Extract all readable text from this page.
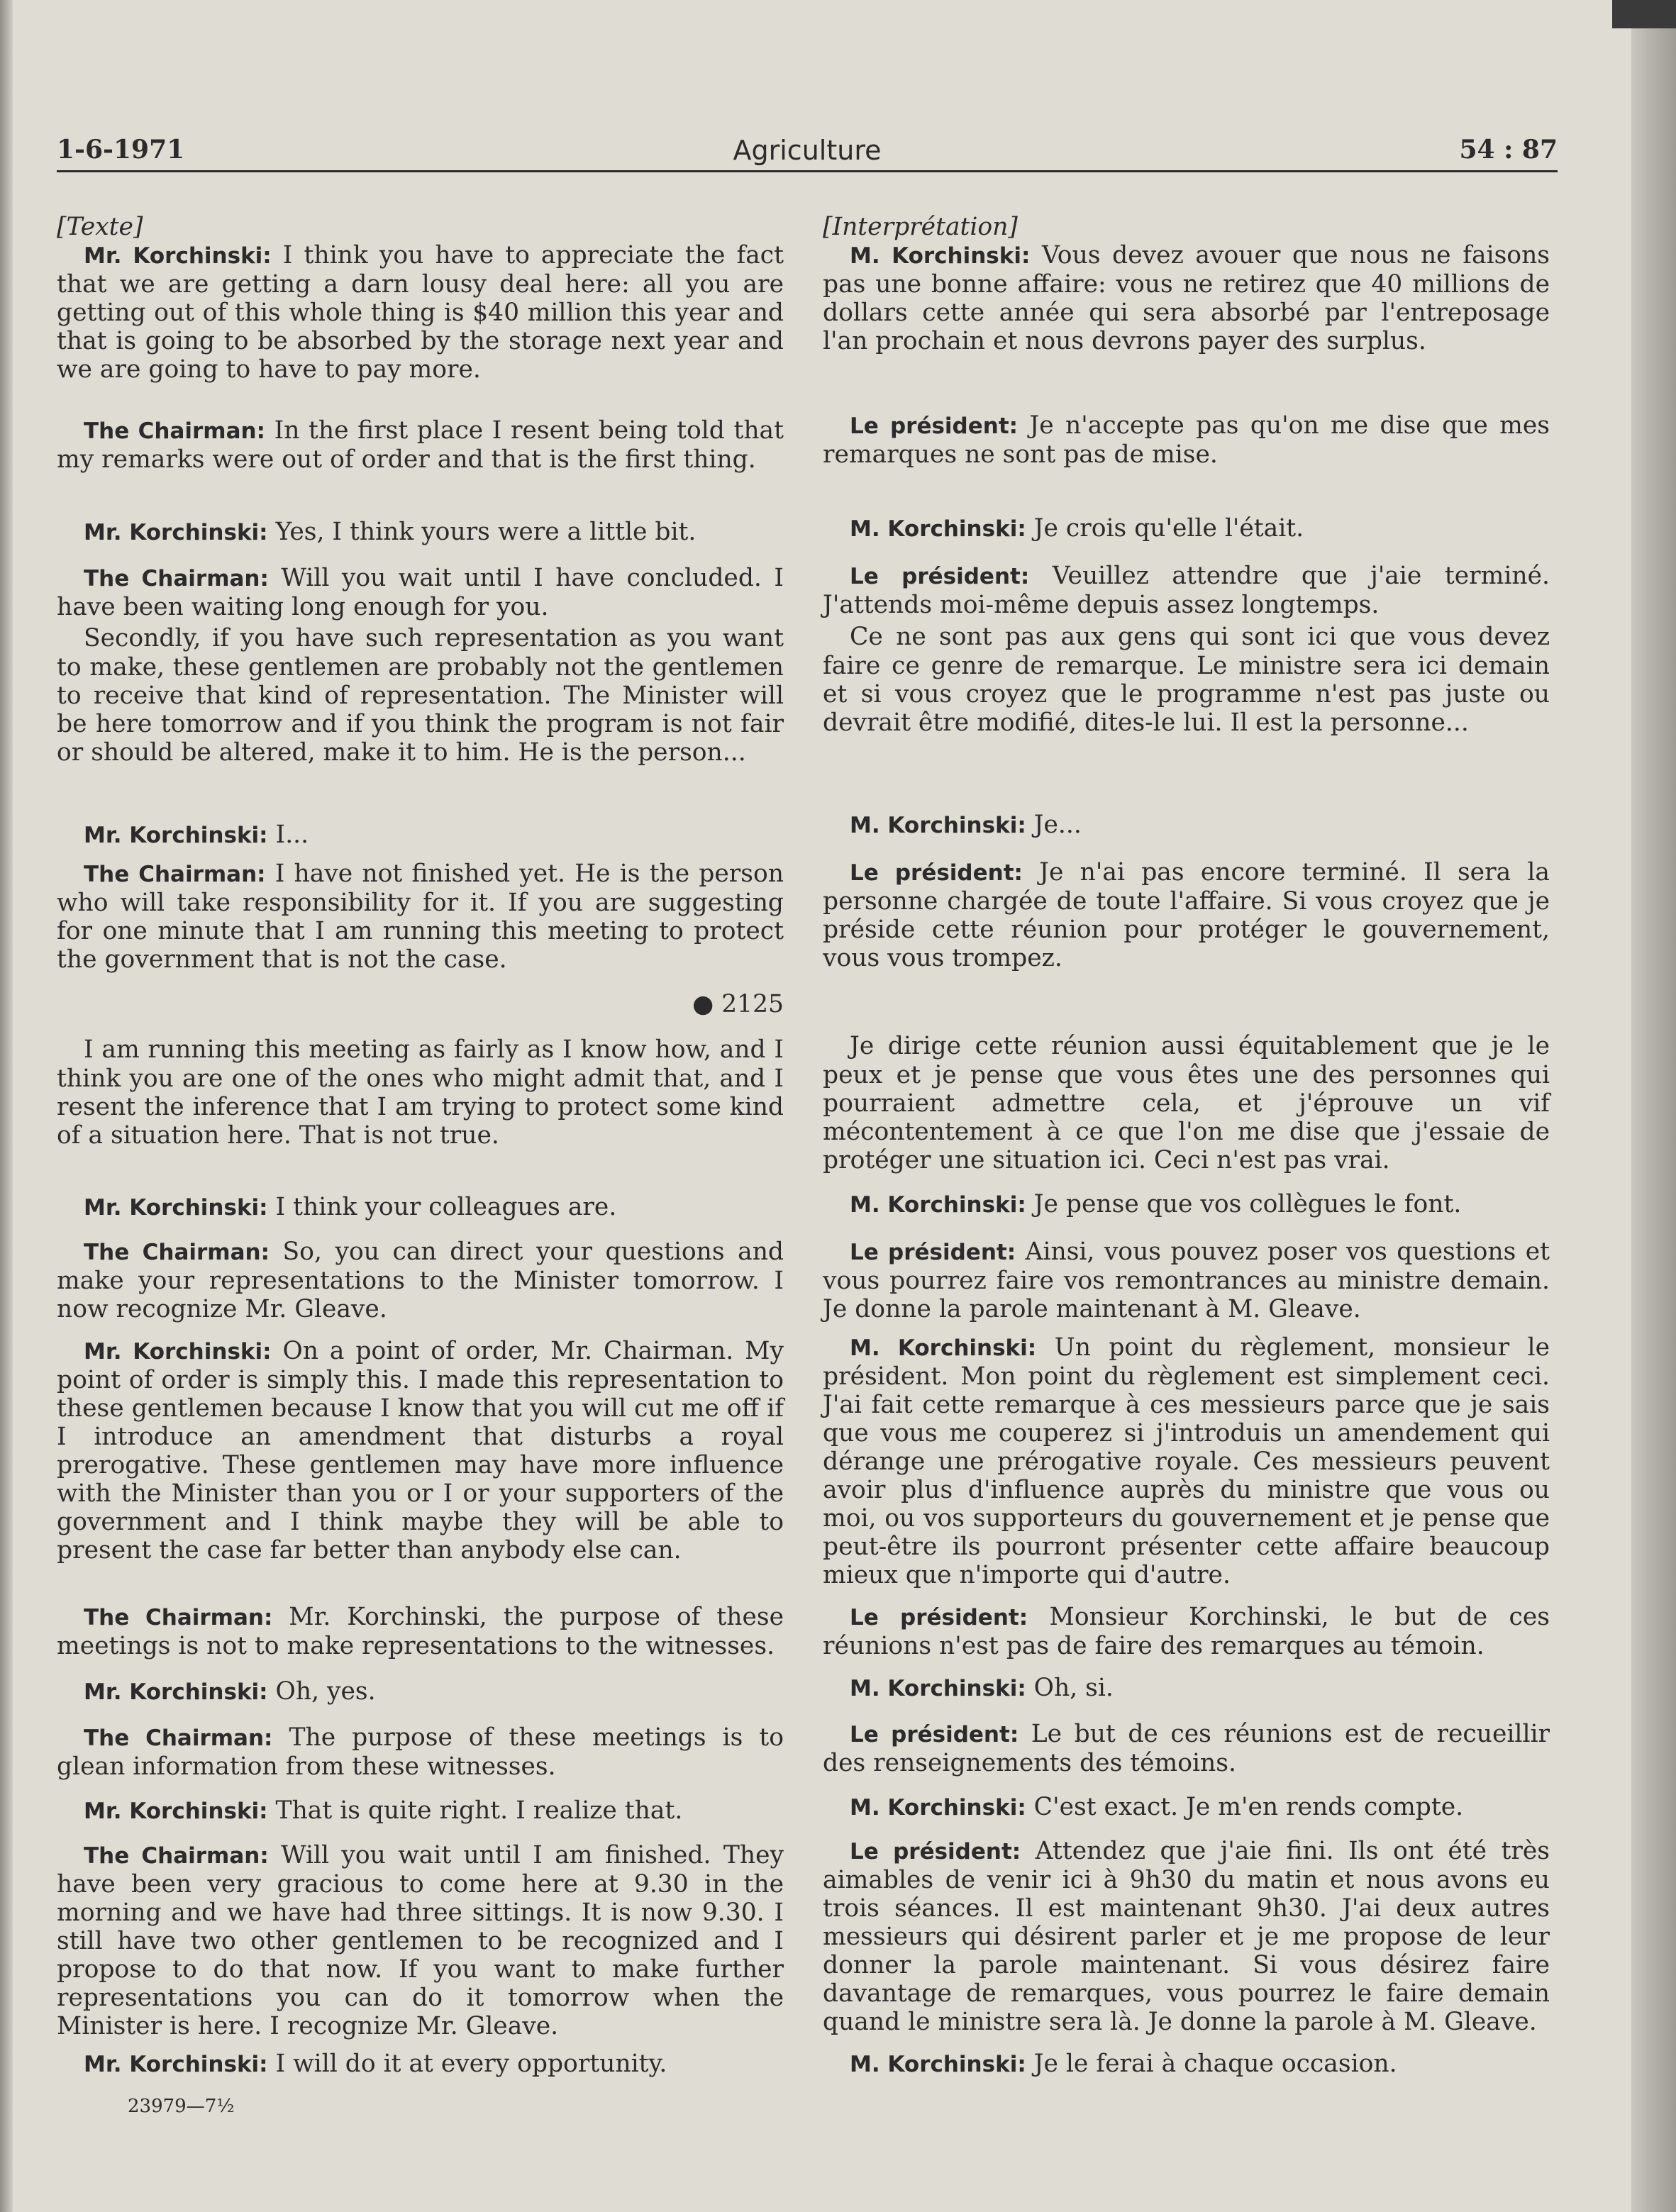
1-6-1971	Agriculture	54 : 87
[Texte]

Mr. Korchinski: I think you have to appreciate the fact that we are getting a darn lousy deal here: all you are getting out of this whole thing is $40 million this year and that is going to be absorbed by the storage next year and we are going to have to pay more.

The Chairman: In the first place I resent being told that my remarks were out of order and that is the first thing.

Mr. Korchinski: Yes, I think yours were a little bit.

The Chairman: Will you wait until I have concluded. I have been waiting long enough for you.

Secondly, if you have such representation as you want to make, these gentlemen are probably not the gentlemen to receive that kind of representation. The Minister will be here tomorrow and if you think the program is not fair or should be altered, make it to him. He is the person...

Mr. Korchinski: I...

The Chairman: I have not finished yet. He is the person who will take responsibility for it. If you are suggesting for one minute that I am running this meeting to protect the government that is not the case.

● 2125

I am running this meeting as fairly as I know how, and I think you are one of the ones who might admit that, and I resent the inference that I am trying to protect some kind of a situation here. That is not true.

Mr. Korchinski: I think your colleagues are.

The Chairman: So, you can direct your questions and make your representations to the Minister tomorrow. I now recognize Mr. Gleave.

Mr. Korchinski: On a point of order, Mr. Chairman. My point of order is simply this. I made this representation to these gentlemen because I know that you will cut me off if I introduce an amendment that disturbs a royal prerogative. These gentlemen may have more influence with the Minister than you or I or your supporters of the government and I think maybe they will be able to present the case far better than anybody else can.

The Chairman: Mr. Korchinski, the purpose of these meetings is not to make representations to the witnesses.

Mr. Korchinski: Oh, yes.

The Chairman: The purpose of these meetings is to glean information from these witnesses.

Mr. Korchinski: That is quite right. I realize that.

The Chairman: Will you wait until I am finished. They have been very gracious to come here at 9.30 in the morning and we have had three sittings. It is now 9.30. I still have two other gentlemen to be recognized and I propose to do that now. If you want to make further representations you can do it tomorrow when the Minister is here. I recognize Mr. Gleave.

Mr. Korchinski: I will do it at every opportunity.

[Interprétation]

M. Korchinski: Vous devez avouer que nous ne faisons pas une bonne affaire: vous ne retirez que 40 millions de dollars cette année qui sera absorbé par l'entreposage l'an prochain et nous devrons payer des surplus.

Le président: Je n'accepte pas qu'on me dise que mes remarques ne sont pas de mise.

M. Korchinski: Je crois qu'elle l'était.

Le président: Veuillez attendre que j'aie terminé. J'attends moi-même depuis assez longtemps.

Ce ne sont pas aux gens qui sont ici que vous devez faire ce genre de remarque. Le ministre sera ici demain et si vous croyez que le programme n'est pas juste ou devrait être modifié, dites-le lui. Il est la personne...

M. Korchinski: Je...

Le président: Je n'ai pas encore terminé. Il sera la personne chargée de toute l'affaire. Si vous croyez que je préside cette réunion pour protéger le gouvernement, vous vous trompez.

Je dirige cette réunion aussi équitablement que je le peux et je pense que vous êtes une des personnes qui pourraient admettre cela, et j'éprouve un vif mécontentement à ce que l'on me dise que j'essaie de protéger une situation ici. Ceci n'est pas vrai.

M. Korchinski: Je pense que vos collègues le font.

Le président: Ainsi, vous pouvez poser vos questions et vous pourrez faire vos remontrances au ministre demain. Je donne la parole maintenant à M. Gleave.

M. Korchinski: Un point du règlement, monsieur le président. Mon point du règlement est simplement ceci. J'ai fait cette remarque à ces messieurs parce que je sais que vous me couperez si j'introduis un amendement qui dérange une prérogative royale. Ces messieurs peuvent avoir plus d'influence auprès du ministre que vous ou moi, ou vos supporteurs du gouvernement et je pense que peut-être ils pourront présenter cette affaire beaucoup mieux que n'importe qui d'autre.

Le président: Monsieur Korchinski, le but de ces réunions n'est pas de faire des remarques au témoin.

M. Korchinski: Oh, si.

Le président: Le but de ces réunions est de recueillir des renseignements des témoins.

M. Korchinski: C'est exact. Je m'en rends compte.

Le président: Attendez que j'aie fini. Ils ont été très aimables de venir ici à 9h30 du matin et nous avons eu trois séances. Il est maintenant 9h30. J'ai deux autres messieurs qui désirent parler et je me propose de leur donner la parole maintenant. Si vous désirez faire davantage de remarques, vous pourrez le faire demain quand le ministre sera là. Je donne la parole à M. Gleave.

M. Korchinski: Je le ferai à chaque occasion.

23979—7½
